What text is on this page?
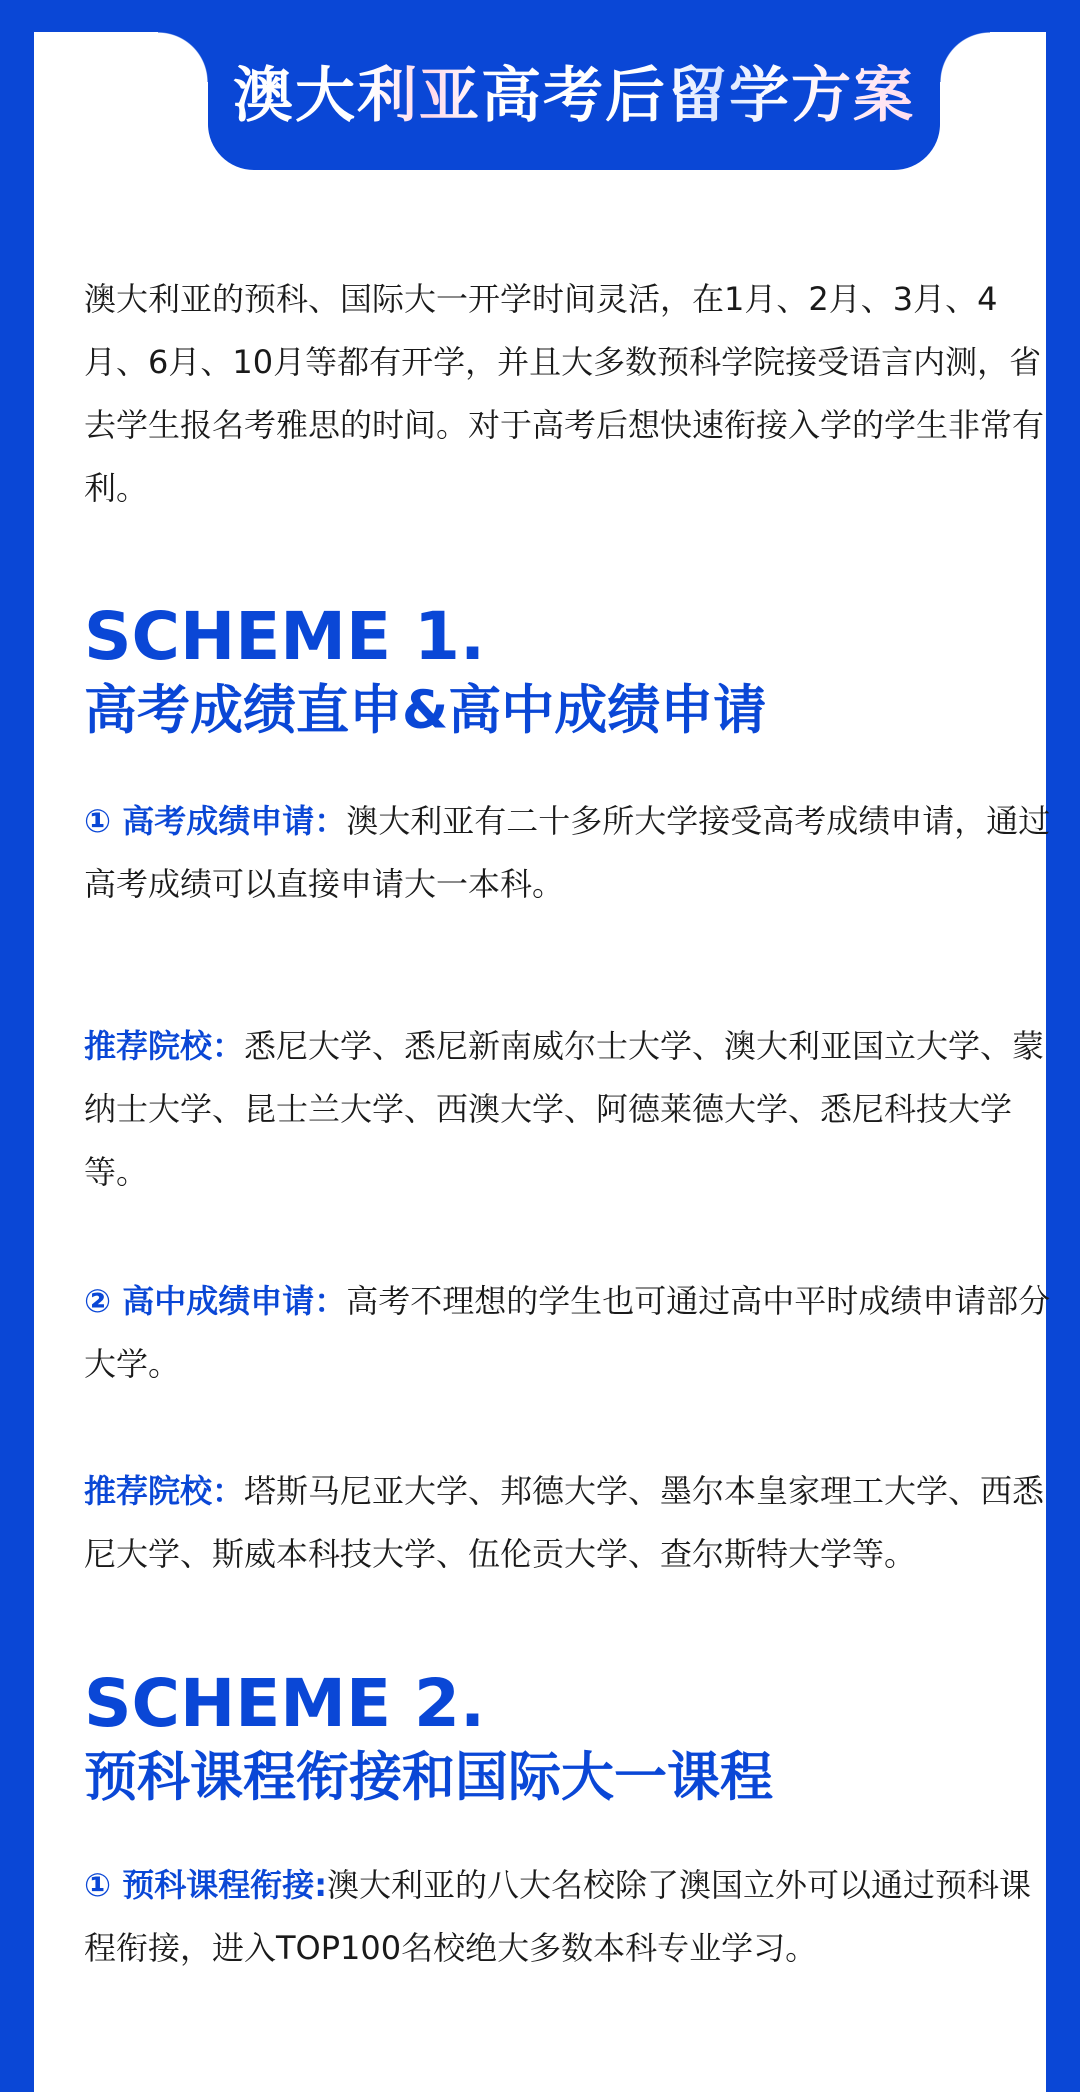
澳大利亚高考后留学方案

澳大利亚的预科、国际大一开学时间灵活，在1月、2月、3月、4月、6月、10月等都有开学，并且大多数预科学院接受语言内测，省去学生报名考雅思的时间。对于高考后想快速衔接入学的学生非常有利。

SCHEME 1.

高考成绩直申&高中成绩申请

① 高考成绩申请：澳大利亚有二十多所大学接受高考成绩申请，通过高考成绩可以直接申请大一本科。

推荐院校：悉尼大学、悉尼新南威尔士大学、澳大利亚国立大学、蒙纳士大学、昆士兰大学、西澳大学、阿德莱德大学、悉尼科技大学等。

② 高中成绩申请：高考不理想的学生也可通过高中平时成绩申请部分大学。

推荐院校：塔斯马尼亚大学、邦德大学、墨尔本皇家理工大学、西悉尼大学、斯威本科技大学、伍伦贡大学、查尔斯特大学等。

SCHEME 2.

预科课程衔接和国际大一课程

① 预科课程衔接:澳大利亚的八大名校除了澳国立外可以通过预科课程衔接，进入TOP100名校绝大多数本科专业学习。
